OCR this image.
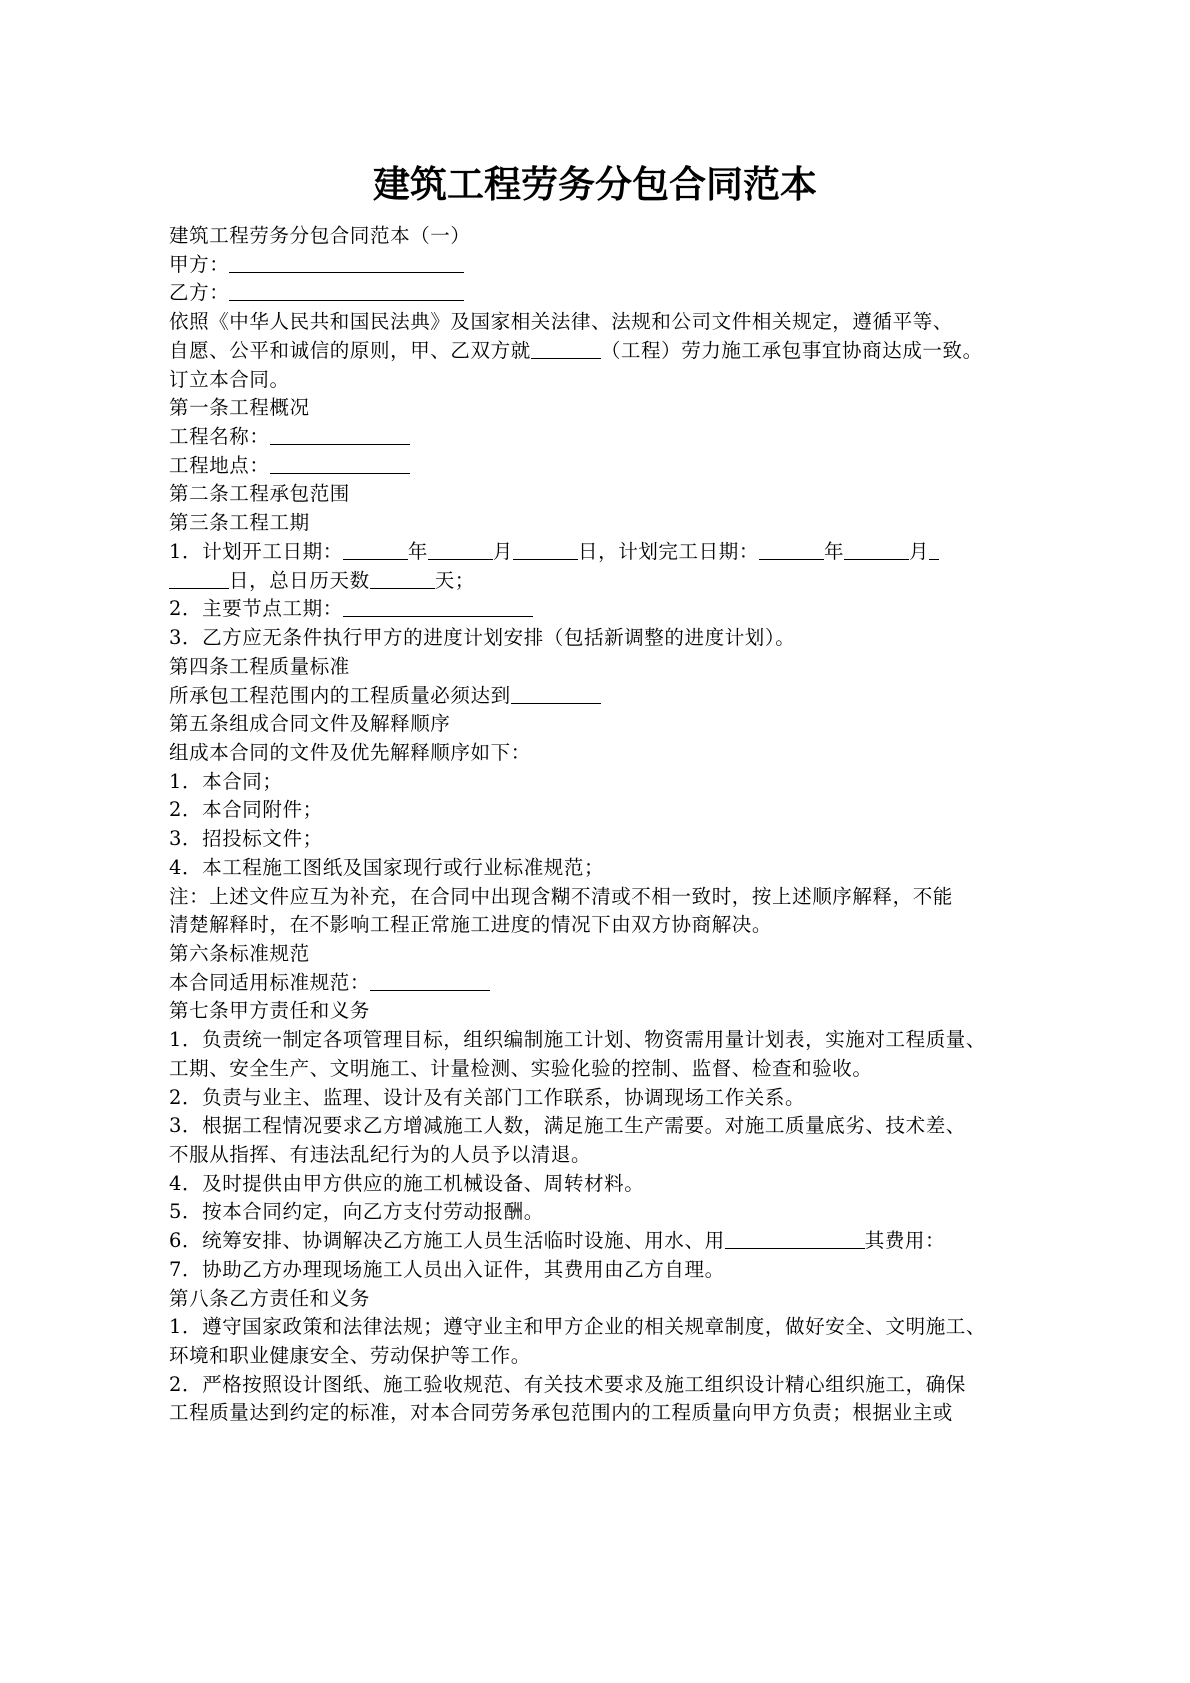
建筑工程劳务分包合同范本
建筑工程劳务分包合同范本（一）
甲方：
乙方：
依照《中华人民共和国民法典》及国家相关法律、法规和公司文件相关规定，遵循平等、
自愿、公平和诚信的原则，甲、乙双方就	（工程）劳力施工承包事宜协商达成一致。
订立本合同。
第一条工程概况
工程名称：
工程地点：
第二条工程承包范围
第三条工程工期
1．计划开工日期：	年	月	日，计划完工日期：	年	月
日，总日历天数	天；
2．主要节点工期：
3．乙方应无条件执行甲方的进度计划安排（包括新调整的进度计划）。
第四条工程质量标准
所承包工程范围内的工程质量必须达到
第五条组成合同文件及解释顺序
组成本合同的文件及优先解释顺序如下：
1．本合同；
2．本合同附件；
3．招投标文件；
4．本工程施工图纸及国家现行或行业标准规范；
注：上述文件应互为补充，在合同中出现含糊不清或不相一致时，按上述顺序解释，不能
清楚解释时，在不影响工程正常施工进度的情况下由双方协商解决。
第六条标准规范
本合同适用标准规范：
第七条甲方责任和义务
1．负责统一制定各项管理目标，组织编制施工计划、物资需用量计划表，实施对工程质量、
工期、安全生产、文明施工、计量检测、实验化验的控制、监督、检查和验收。
2．负责与业主、监理、设计及有关部门工作联系，协调现场工作关系。
3．根据工程情况要求乙方增减施工人数，满足施工生产需要。对施工质量底劣、技术差、
不服从指挥、有违法乱纪行为的人员予以清退。
4．及时提供由甲方供应的施工机械设备、周转材料。
5．按本合同约定，向乙方支付劳动报酬。
6．统筹安排、协调解决乙方施工人员生活临时设施、用水、用	其费用：
7．协助乙方办理现场施工人员出入证件，其费用由乙方自理。
第八条乙方责任和义务
1．遵守国家政策和法律法规；遵守业主和甲方企业的相关规章制度，做好安全、文明施工、
环境和职业健康安全、劳动保护等工作。
2．严格按照设计图纸、施工验收规范、有关技术要求及施工组织设计精心组织施工，确保
工程质量达到约定的标准，对本合同劳务承包范围内的工程质量向甲方负责；根据业主或
